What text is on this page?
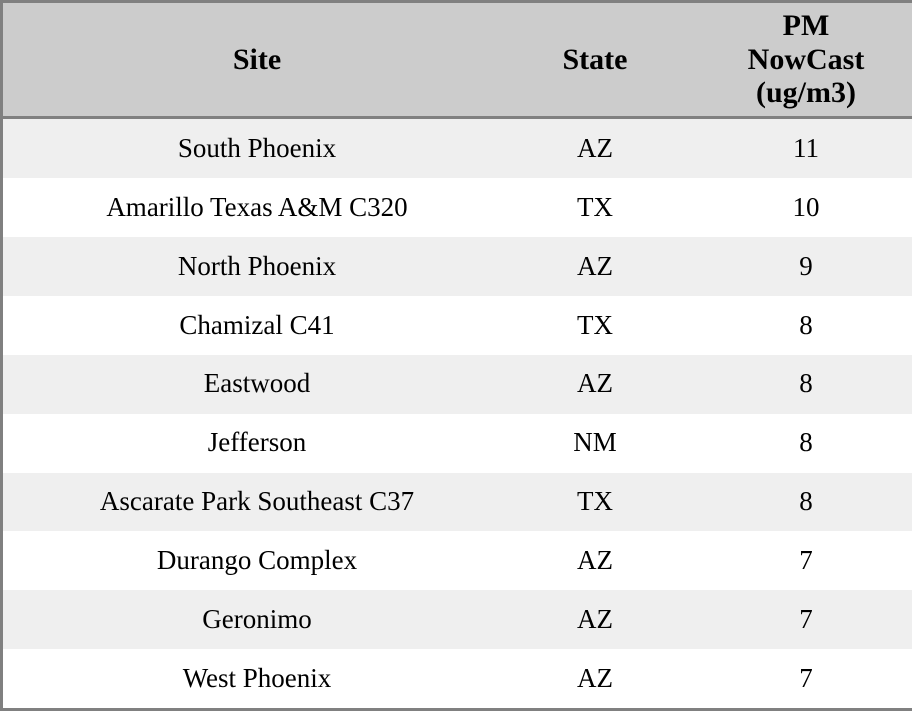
Site	State	PM
NowCast
(ug/m3)

South Phoenix	AZ	11
Amarillo Texas A&M C320	TX	10
North Phoenix	AZ	9
Chamizal C41	TX	8
Eastwood	AZ	8
Jefferson	NM	8
Ascarate Park Southeast C37	TX	8
Durango Complex	AZ	7
Geronimo	AZ	7
West Phoenix	AZ	7
